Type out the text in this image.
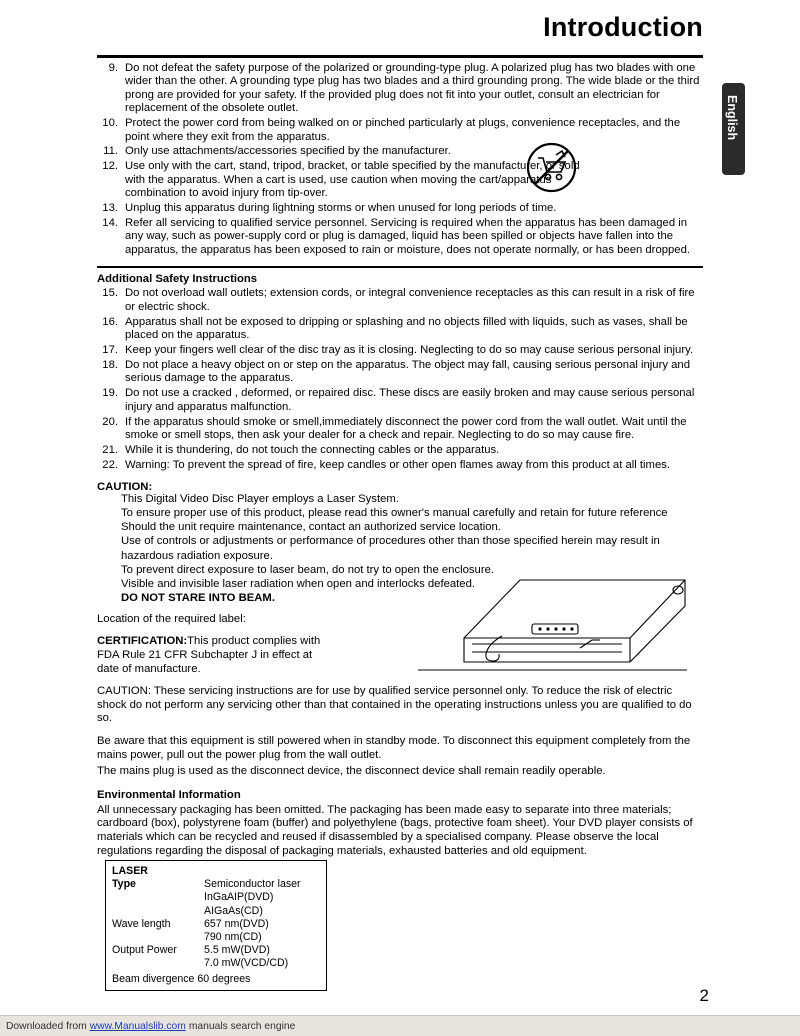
Introduction
English
9. Do not defeat the safety purpose of the polarized or grounding-type plug. A polarized plug has two blades with one wider than the other. A grounding type plug has two blades and a third grounding prong. The wide blade or the third prong are provided for your safety. If the provided plug does not fit into your outlet, consult an electrician for replacement of the obsolete outlet.
10. Protect the power cord from being walked on or pinched particularly at plugs, convenience receptacles, and the point where they exit from the apparatus.
11. Only use attachments/accessories specified by the manufacturer.
12. Use only with the cart, stand, tripod, bracket, or table specified by the manufacturer, or sold with the apparatus. When a cart is used, use caution when moving the cart/apparatus combination to avoid injury from tip-over.
13. Unplug this apparatus during lightning storms or when unused for long periods of time.
14. Refer all servicing to qualified service personnel. Servicing is required when the apparatus has been damaged in any way, such as power-supply cord or plug is damaged, liquid has been spilled or objects have fallen into the apparatus, the apparatus has been exposed to rain or moisture, does not operate normally, or has been dropped.
Additional Safety Instructions
15. Do not overload wall outlets; extension cords, or integral convenience receptacles as this can result in a risk of fire or electric shock.
16. Apparatus shall not be exposed to dripping or splashing and no objects filled with liquids, such as vases, shall be placed on the apparatus.
17. Keep your fingers well clear of the disc tray as it is closing. Neglecting to do so may cause serious personal injury.
18. Do not place a heavy object on or step on the apparatus. The object may fall, causing serious personal injury and serious damage to the apparatus.
19. Do not use a cracked , deformed, or repaired disc. These discs are easily broken and may cause serious personal injury and apparatus malfunction.
20. If the apparatus should smoke or smell,immediately disconnect the power cord from the wall outlet. Wait until the smoke or smell stops, then ask your dealer for a check and repair. Neglecting to do so may cause fire.
21. While it is thundering, do not touch the connecting cables or the apparatus.
22. Warning: To prevent the spread of fire, keep candles or other open flames away from this product at all times.
CAUTION:
This Digital Video Disc Player employs a Laser System.
To ensure proper use of this product, please read this owner's manual carefully and retain for future reference
Should the unit require maintenance, contact an authorized service location.
Use of controls or adjustments or performance of procedures other than those specified herein may result in
hazardous radiation exposure.
To prevent direct exposure to laser beam, do not try to open the enclosure.
Visible and invisible laser radiation when open and interlocks defeated.
DO NOT STARE INTO BEAM.
Location of the required label:
CERTIFICATION:This product complies with FDA Rule 21 CFR Subchapter J in effect at date of manufacture.
CAUTION: These servicing instructions are for use by qualified service personnel only. To reduce the risk of electric shock do not perform any servicing other than that contained in the operating instructions unless you are qualified to do so.
Be aware that this equipment is still powered when in standby mode. To disconnect this equipment completely from the mains power, pull out the power plug from the wall outlet.
The mains plug is used as the disconnect device, the disconnect device shall remain readily operable.
Environmental Information
All unnecessary packaging has been omitted. The packaging has been made easy to separate into three materials; cardboard (box), polystyrene foam (buffer) and polyethylene (bags, protective foam sheet). Your DVD player consists of materials which can be recycled and reused if disassembled by a specialised company. Please observe the local regulations regarding the disposal of packaging materials, exhausted batteries and old equipment.
LASER
Type	Semiconductor laser
InGaAIP(DVD)
AIGaAs(CD)
Wave length	657 nm(DVD)
790 nm(CD)
Output Power	5.5 mW(DVD)
7.0 mW(VCD/CD)
Beam divergence 60 degrees
2
Downloaded from www.Manualslib.com manuals search engine
